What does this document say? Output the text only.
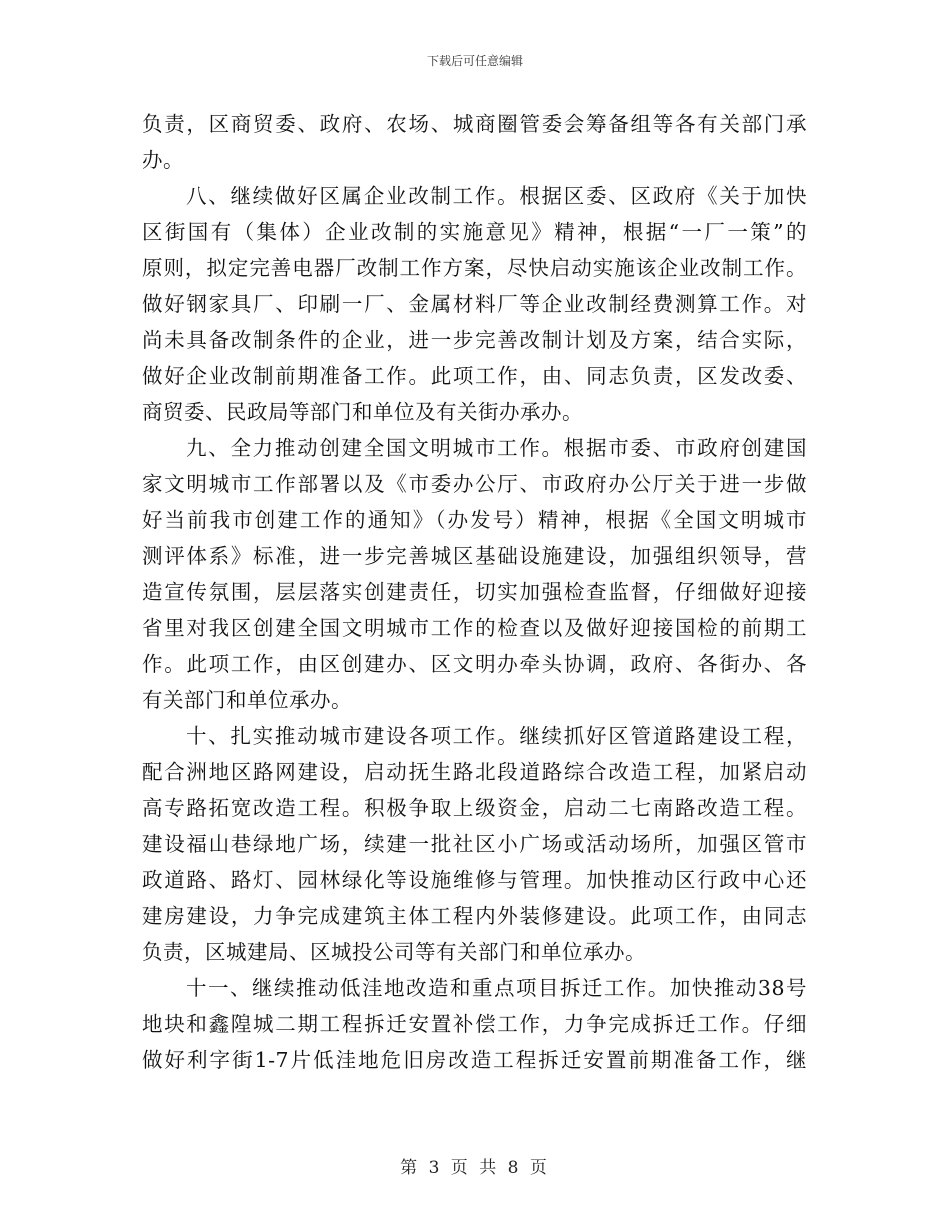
下载后可任意编辑
负责，区商贸委、政府、农场、城商圈管委会筹备组等各有关部门承
办。
八、继续做好区属企业改制工作。根据区委、区政府《关于加快
区街国有（集体）企业改制的实施意见》精神，根据“一厂一策”的
原则，拟定完善电器厂改制工作方案，尽快启动实施该企业改制工作。
做好钢家具厂、印刷一厂、金属材料厂等企业改制经费测算工作。对
尚未具备改制条件的企业，进一步完善改制计划及方案，结合实际，
做好企业改制前期准备工作。此项工作，由、同志负责，区发改委、
商贸委、民政局等部门和单位及有关街办承办。
九、全力推动创建全国文明城市工作。根据市委、市政府创建国
家文明城市工作部署以及《市委办公厅、市政府办公厅关于进一步做
好当前我市创建工作的通知》（办发号）精神，根据《全国文明城市
测评体系》标准，进一步完善城区基础设施建设，加强组织领导，营
造宣传氛围，层层落实创建责任，切实加强检查监督，仔细做好迎接
省里对我区创建全国文明城市工作的检查以及做好迎接国检的前期工
作。此项工作，由区创建办、区文明办牵头协调，政府、各街办、各
有关部门和单位承办。
十、扎实推动城市建设各项工作。继续抓好区管道路建设工程，
配合洲地区路网建设，启动抚生路北段道路综合改造工程，加紧启动
高专路拓宽改造工程。积极争取上级资金，启动二七南路改造工程。
建设福山巷绿地广场，续建一批社区小广场或活动场所，加强区管市
政道路、路灯、园林绿化等设施维修与管理。加快推动区行政中心还
建房建设，力争完成建筑主体工程内外装修建设。此项工作，由同志
负责，区城建局、区城投公司等有关部门和单位承办。
十一、继续推动低洼地改造和重点项目拆迁工作。加快推动38号
地块和鑫隍城二期工程拆迁安置补偿工作，力争完成拆迁工作。仔细
做好利字街1-7片低洼地危旧房改造工程拆迁安置前期准备工作，继
第 3 页 共 8 页
